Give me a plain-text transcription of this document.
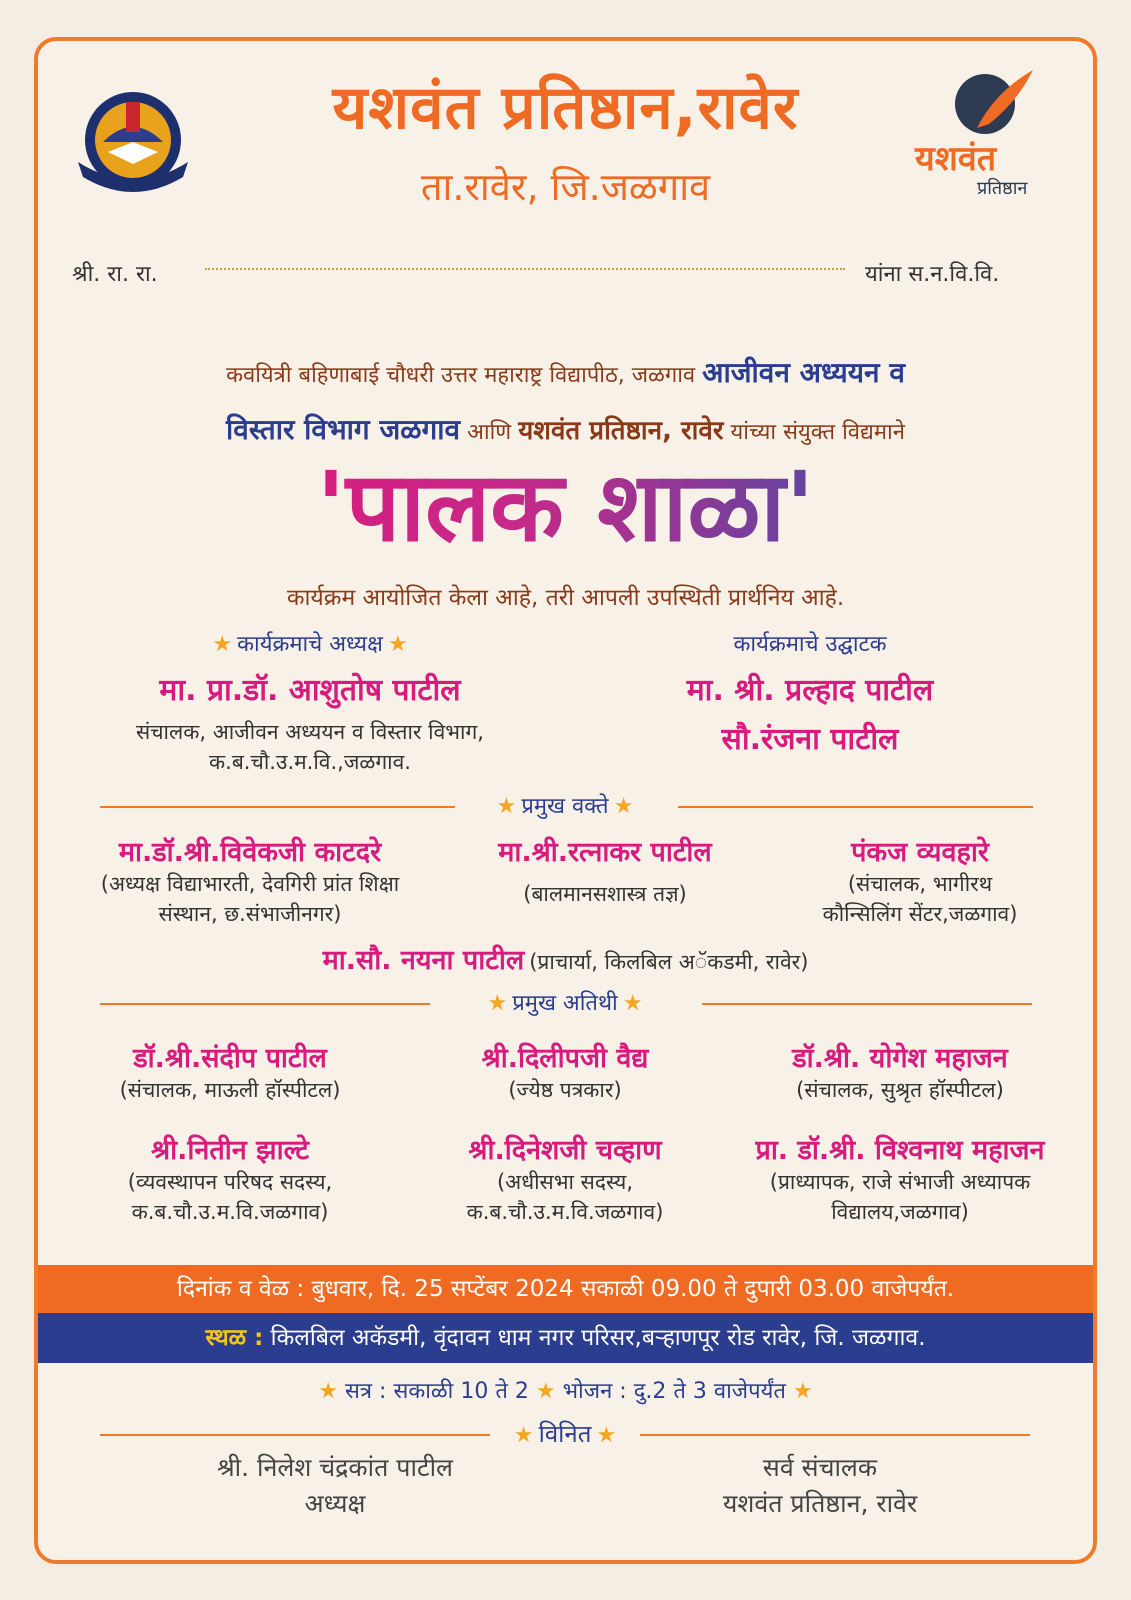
यशवंत
प्रतिष्ठान
यशवंत प्रतिष्ठान,रावेर
ता.रावेर, जि.जळगाव
श्री. रा. रा.	यांना स.न.वि.वि.
कवयित्री बहिणाबाई चौधरी उत्तर महाराष्ट्र विद्यापीठ, जळगाव आजीवन अध्ययन व
विस्तार विभाग जळगाव आणि यशवंत प्रतिष्ठान, रावेर यांच्या संयुक्त विद्यमाने
'पालक शाळा'
कार्यक्रम आयोजित केला आहे, तरी आपली उपस्थिती प्रार्थनिय आहे.
★ कार्यक्रमाचे अध्यक्ष ★
मा. प्रा.डॉ. आशुतोष पाटील
संचालक, आजीवन अध्ययन व विस्तार विभाग,
क.ब.चौ.उ.म.वि.,जळगाव.
कार्यक्रमाचे उद्घाटक
मा. श्री. प्रल्हाद पाटील
सौ.रंजना पाटील
★ प्रमुख वक्ते ★
मा.डॉ.श्री.विवेकजी काटदरे
(अध्यक्ष विद्याभारती, देवगिरी प्रांत शिक्षा
संस्थान, छ.संभाजीनगर)
मा.श्री.रत्नाकर पाटील
(बालमानसशास्त्र तज्ञ)
पंकज व्यवहारे
(संचालक, भागीरथ
कौन्सिलिंग सेंटर,जळगाव)
मा.सौ. नयना पाटील (प्राचार्या, किलबिल अॅकडमी, रावेर)
★ प्रमुख अतिथी ★
डॉ.श्री.संदीप पाटील
(संचालक, माऊली हॉस्पीटल)
श्री.दिलीपजी वैद्य
(ज्येष्ठ पत्रकार)
डॉ.श्री. योगेश महाजन
(संचालक, सुश्रृत हॉस्पीटल)
श्री.नितीन झाल्टे
(व्यवस्थापन परिषद सदस्य,
क.ब.चौ.उ.म.वि.जळगाव)
श्री.दिनेशजी चव्हाण
(अधीसभा सदस्य,
क.ब.चौ.उ.म.वि.जळगाव)
प्रा. डॉ.श्री. विश्वनाथ महाजन
(प्राध्यापक, राजे संभाजी अध्यापक
विद्यालय,जळगाव)
दिनांक व वेळ : बुधवार, दि. 25 सप्टेंबर 2024 सकाळी 09.00 ते दुपारी 03.00 वाजेपर्यंत.
स्थळ : किलबिल अकॅडमी, वृंदावन धाम नगर परिसर,बऱ्हाणपूर रोड रावेर, जि. जळगाव.
★ सत्र : सकाळी 10 ते 2 ★ भोजन : दु.2 ते 3 वाजेपर्यंत ★
★ विनित ★
श्री. निलेश चंद्रकांत पाटील
अध्यक्ष
सर्व संचालक
यशवंत प्रतिष्ठान, रावेर
